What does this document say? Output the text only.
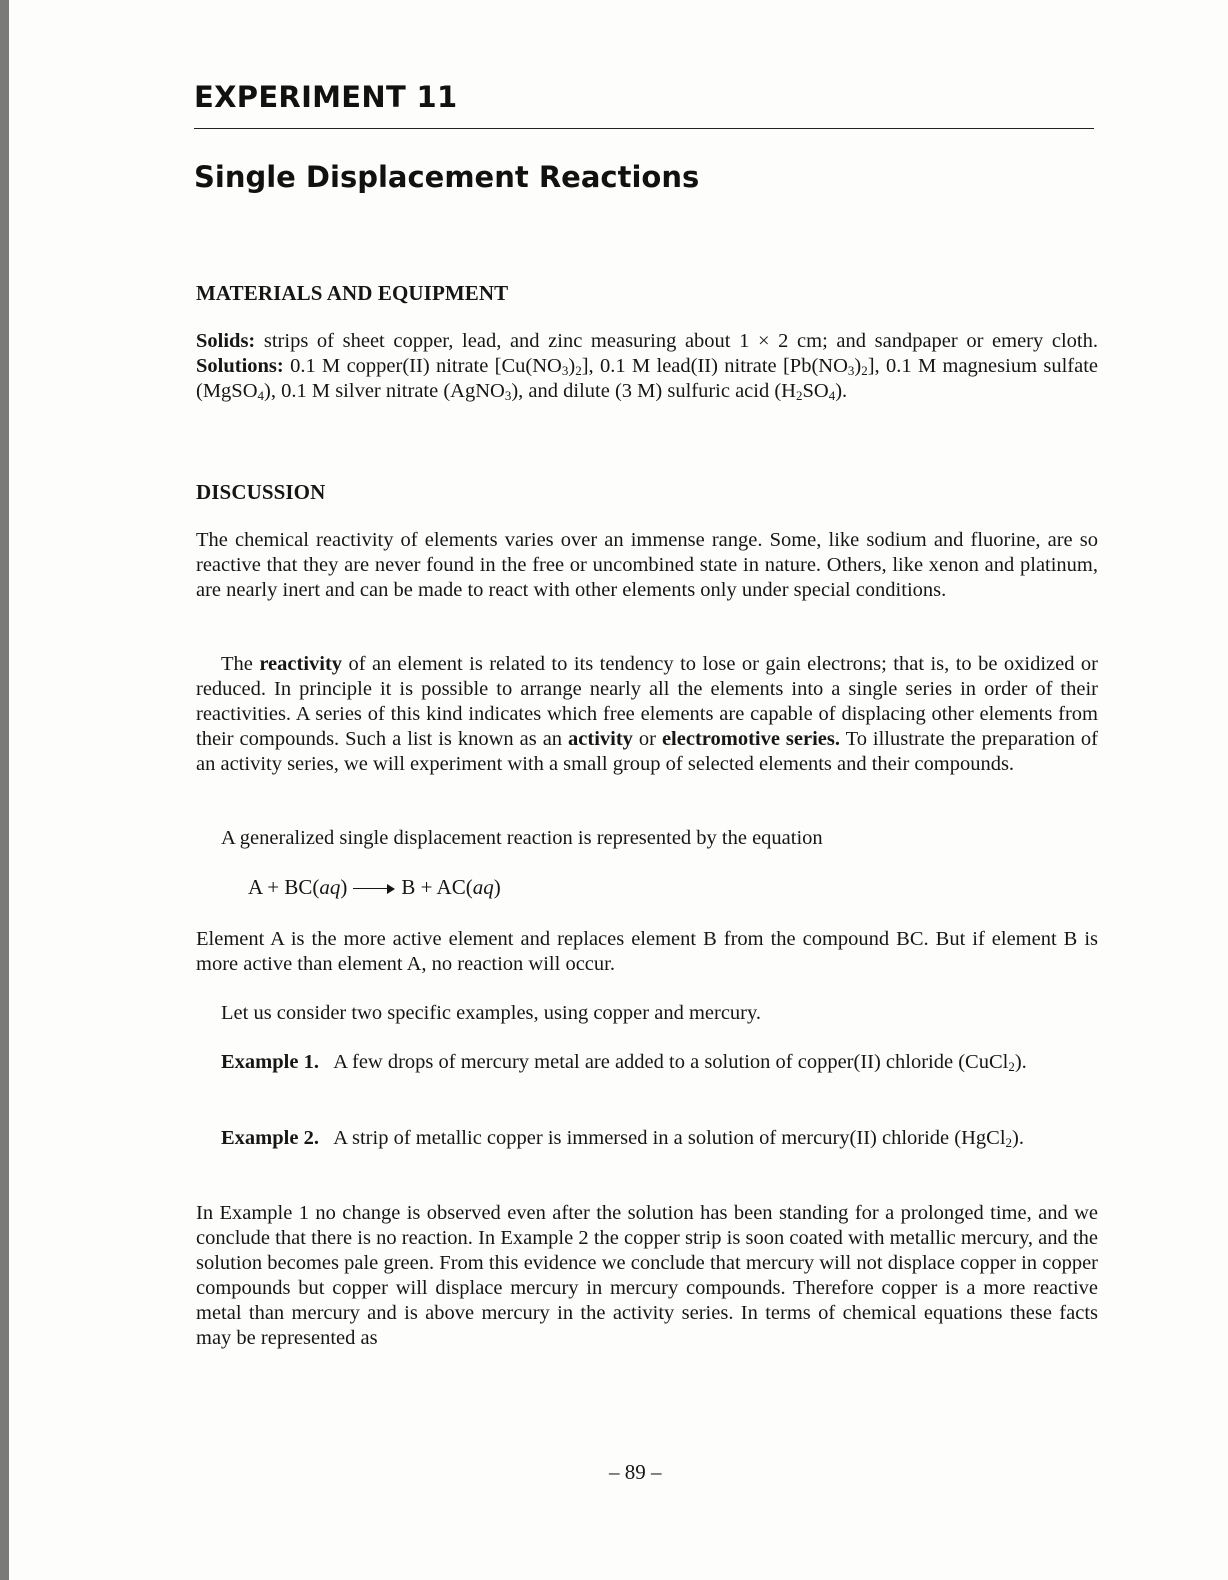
EXPERIMENT 11
Single Displacement Reactions
MATERIALS AND EQUIPMENT

Solids: strips of sheet copper, lead, and zinc measuring about 1 × 2 cm; and sandpaper or emery cloth. Solutions: 0.1 M copper(II) nitrate $[Cu(NO_3)_2]$, 0.1 M lead(II) nitrate $[Pb(NO_3)_2]$, 0.1 M magnesium sulfate (MgSO$_4$), 0.1 M silver nitrate (AgNO$_3$), and dilute (3 M) sulfuric acid $(H_2SO_4)$.

DISCUSSION

The chemical reactivity of elements varies over an immense range. Some, like sodium and fluorine, are so reactive that they are never found in the free or uncombined state in nature. Others, like xenon and platinum, are nearly inert and can be made to react with other elements only under special conditions.

The reactivity of an element is related to its tendency to lose or gain electrons; that is, to be oxidized or reduced. In principle it is possible to arrange nearly all the elements into a single series in order of their reactivities. A series of this kind indicates which free elements are capable of displacing other elements from their compounds. Such a list is known as an activity or electromotive series. To illustrate the preparation of an activity series, we will experiment with a small group of selected elements and their compounds.

A generalized single displacement reaction is represented by the equation

A + BC(aq)	B + AC(aq)

Element A is the more active element and replaces element B from the compound BC. But if element B is more active than element A, no reaction will occur.

Let us consider two specific examples, using copper and mercury.

Example 1.   A few drops of mercury metal are added to a solution of copper(II) chloride (CuCl$_2$).

Example 2.   A strip of metallic copper is immersed in a solution of mercury(II) chloride (HgCl$_2$).

In Example 1 no change is observed even after the solution has been standing for a prolonged time, and we conclude that there is no reaction. In Example 2 the copper strip is soon coated with metallic mercury, and the solution becomes pale green. From this evidence we conclude that mercury will not displace copper in copper compounds but copper will displace mercury in mercury compounds. Therefore copper is a more reactive metal than mercury and is above mercury in the activity series. In terms of chemical equations these facts may be represented as

– 89 –
